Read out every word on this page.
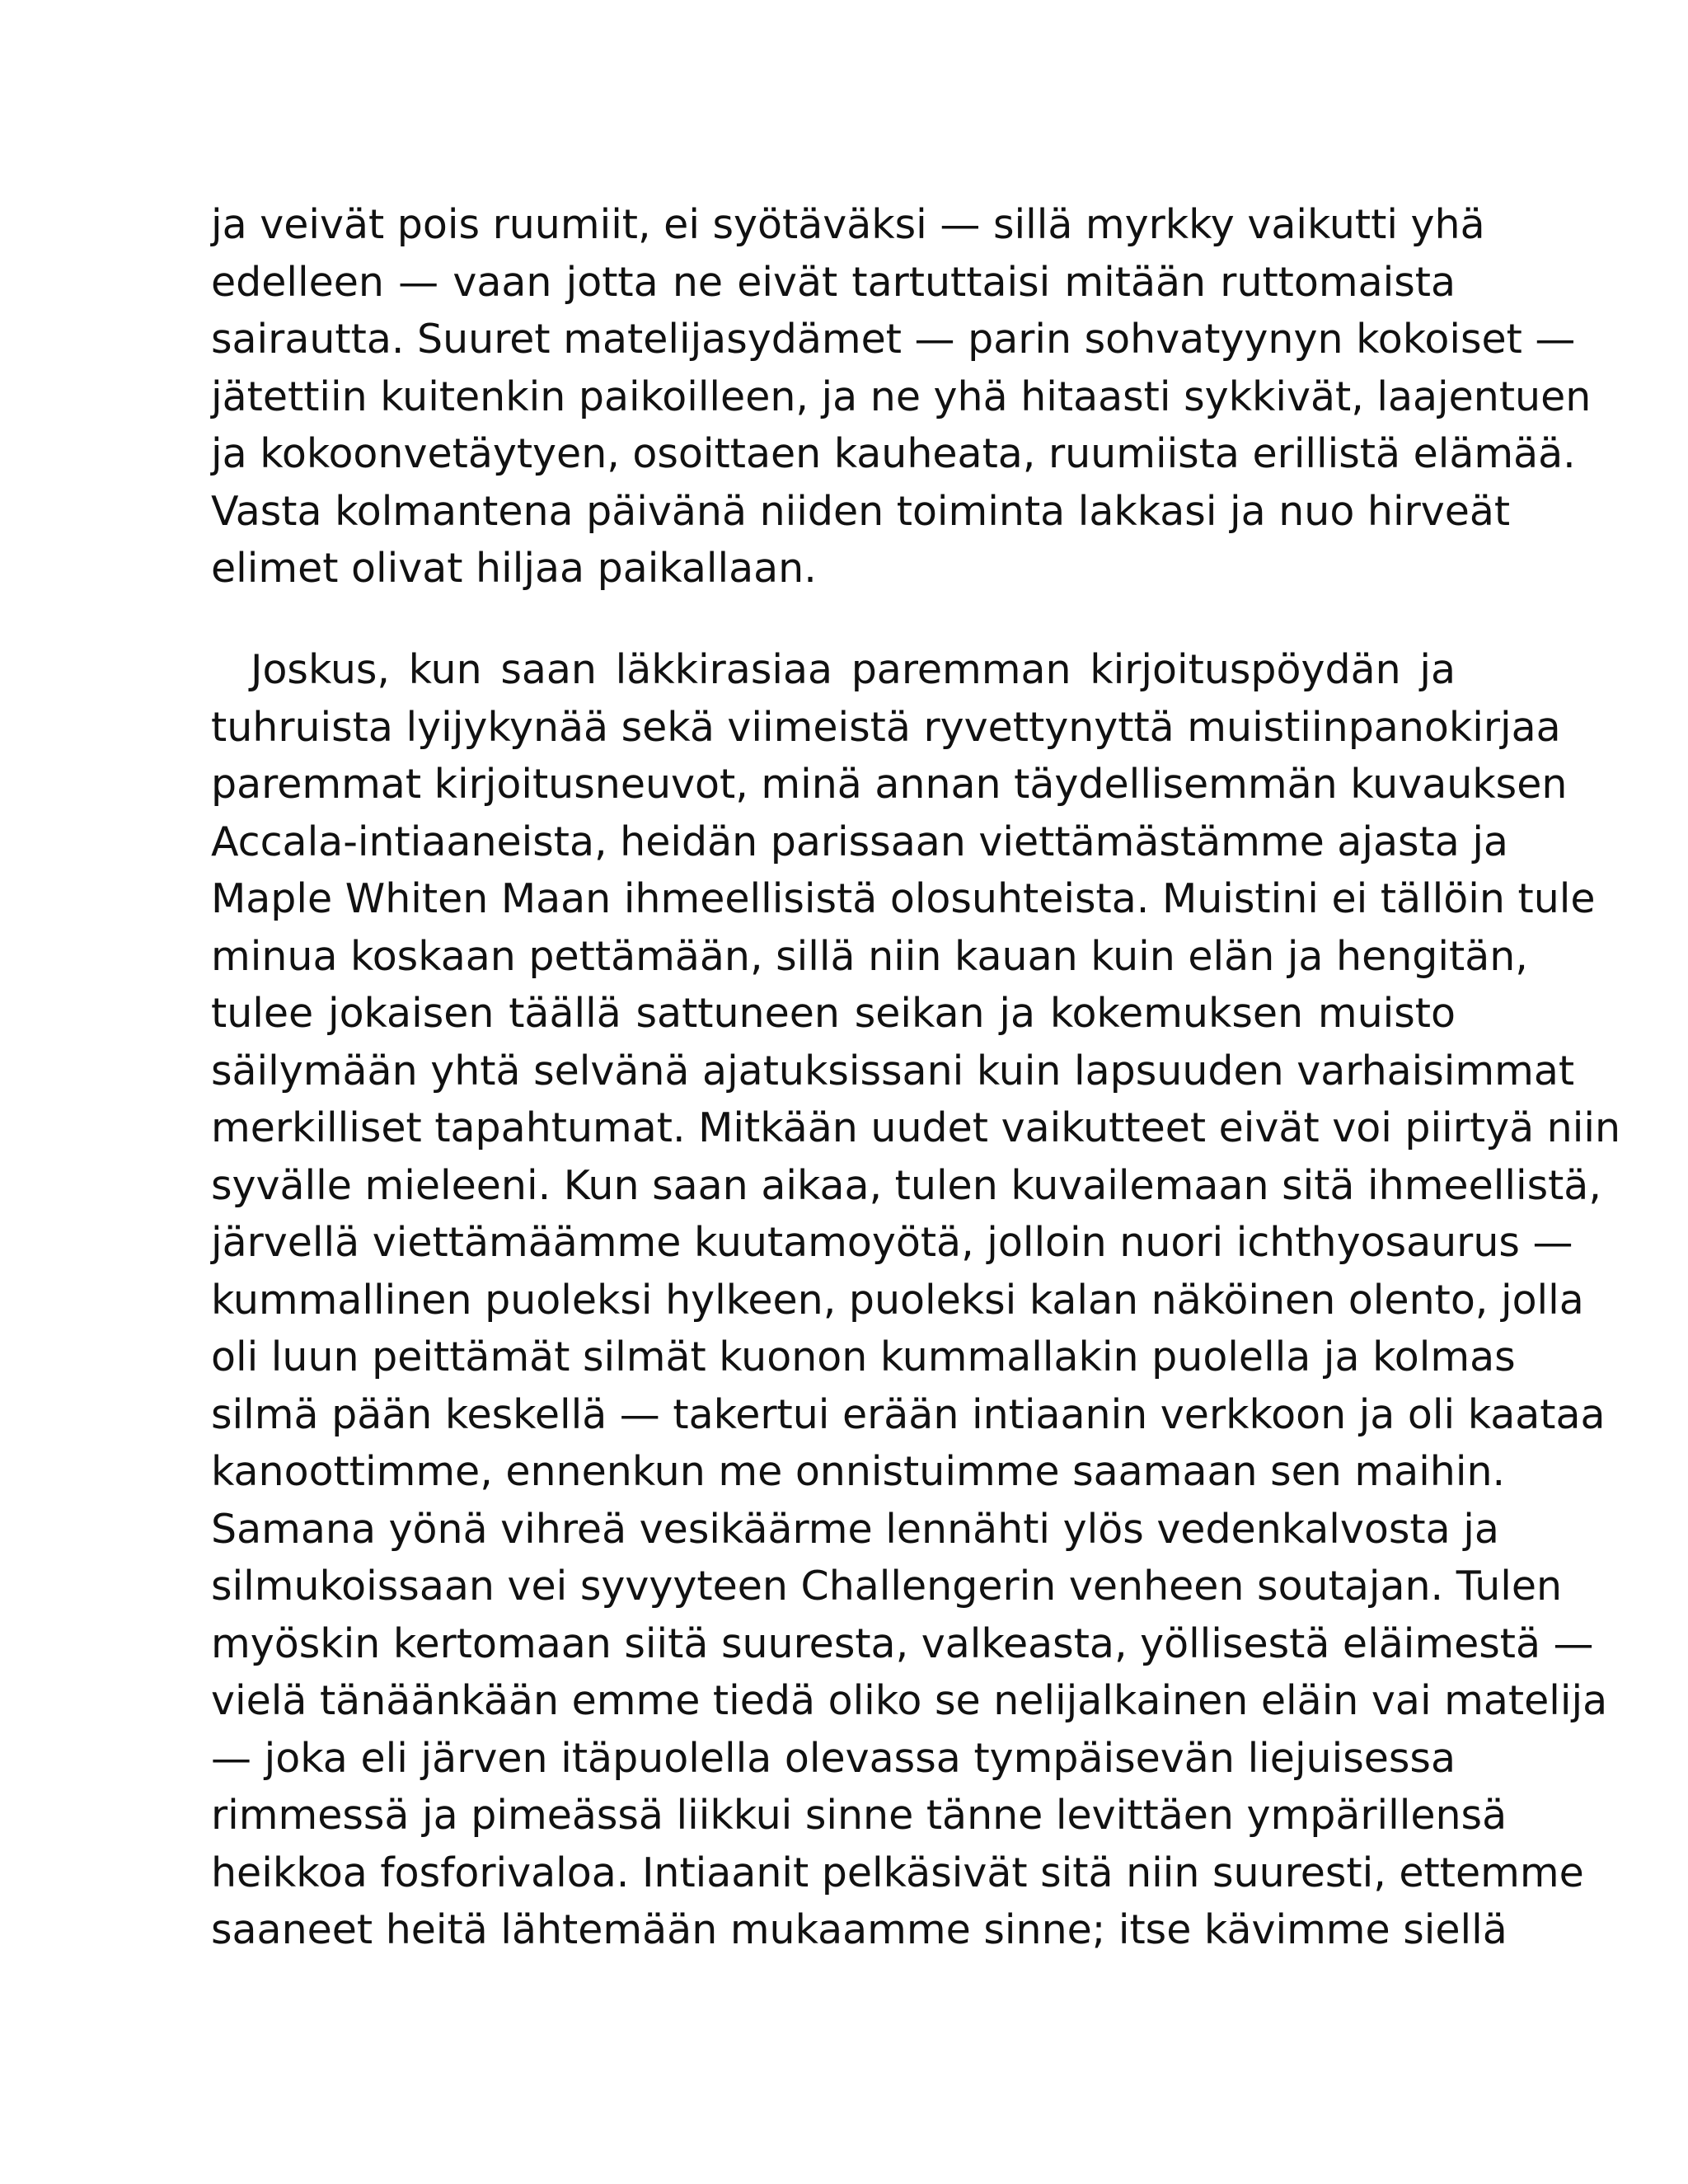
ja veivät pois ruumiit, ei syötäväksi — sillä myrkky vaikutti yhä
edelleen — vaan jotta ne eivät tartuttaisi mitään ruttomaista
sairautta. Suuret matelijasydämet — parin sohvatyynyn kokoiset —
jätettiin kuitenkin paikoilleen, ja ne yhä hitaasti sykkivät, laajentuen
ja kokoonvetäytyen, osoittaen kauheata, ruumiista erillistä elämää.
Vasta kolmantena päivänä niiden toiminta lakkasi ja nuo hirveät
elimet olivat hiljaa paikallaan.
Joskus, kun saan läkkirasiaa paremman kirjoituspöydän ja
tuhruista lyijykynää sekä viimeistä ryvettynyttä muistiinpanokirjaa
paremmat kirjoitusneuvot, minä annan täydellisemmän kuvauksen
Accala-intiaaneista, heidän parissaan viettämästämme ajasta ja
Maple Whiten Maan ihmeellisistä olosuhteista. Muistini ei tällöin tule
minua koskaan pettämään, sillä niin kauan kuin elän ja hengitän,
tulee jokaisen täällä sattuneen seikan ja kokemuksen muisto
säilymään yhtä selvänä ajatuksissani kuin lapsuuden varhaisimmat
merkilliset tapahtumat. Mitkään uudet vaikutteet eivät voi piirtyä niin
syvälle mieleeni. Kun saan aikaa, tulen kuvailemaan sitä ihmeellistä,
järvellä viettämäämme kuutamoyötä, jolloin nuori ichthyosaurus —
kummallinen puoleksi hylkeen, puoleksi kalan näköinen olento, jolla
oli luun peittämät silmät kuonon kummallakin puolella ja kolmas
silmä pään keskellä — takertui erään intiaanin verkkoon ja oli kaataa
kanoottimme, ennenkun me onnistuimme saamaan sen maihin.
Samana yönä vihreä vesikäärme lennähti ylös vedenkalvosta ja
silmukoissaan vei syvyyteen Challengerin venheen soutajan. Tulen
myöskin kertomaan siitä suuresta, valkeasta, yöllisestä eläimestä —
vielä tänäänkään emme tiedä oliko se nelijalkainen eläin vai matelija
— joka eli järven itäpuolella olevassa tympäisevän liejuisessa
rimmessä ja pimeässä liikkui sinne tänne levittäen ympärillensä
heikkoa fosforivaloa. Intiaanit pelkäsivät sitä niin suuresti, ettemme
saaneet heitä lähtemään mukaamme sinne; itse kävimme siellä
